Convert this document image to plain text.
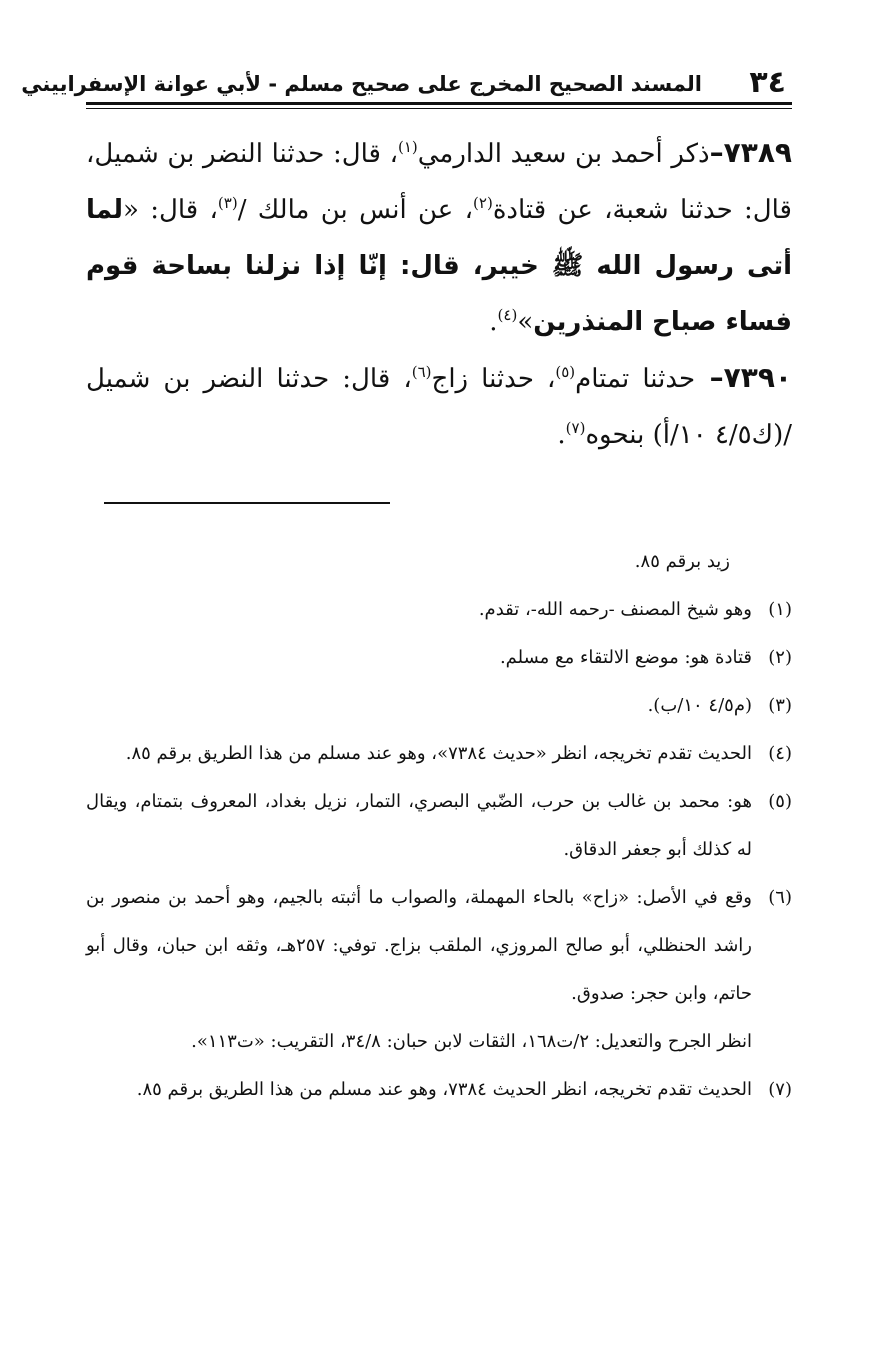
٣٤
المسند الصحيح المخرج على صحيح مسلم - لأبي عوانة الإسفراييني

٧٣٨٩–ذكر أحمد بن سعيد الدارمي$^{(١)}$، قال: حدثنا النضر بن شميل، قال: حدثنا شعبة، عن قتادة$^{(٢)}$، عن أنس بن مالك /$^{(٣)}$، قال: «لما أتى رسول الله ﷺ خيبر، قال: إنّا إذا نزلنا بساحة قوم فساء صباح المنذرين»$^{(٤)}$.

٧٣٩٠– حدثنا تمتام$^{(٥)}$، حدثنا زاج$^{(٦)}$، قال: حدثنا النضر بن شميل /(ك٤/٥ ١٠/أ) بنحوه$^{(٧)}$.

زيد برقم ٨٥.
(١)
وهو شيخ المصنف -رحمه الله-، تقدم.
(٢)
قتادة هو: موضع الالتقاء مع مسلم.
(٣)
(م٤/٥ ١٠/ب).
(٤)
الحديث تقدم تخريجه، انظر «حديث ٧٣٨٤»، وهو عند مسلم من هذا الطريق برقم ٨٥.
(٥)
هو: محمد بن غالب بن حرب، الضّبي البصري، التمار، نزيل بغداد، المعروف بتمتام، ويقال له كذلك أبو جعفر الدقاق.
(٦)
وقع في الأصل: «زاح» بالحاء المهملة، والصواب ما أثبته بالجيم، وهو أحمد بن منصور بن راشد الحنظلي، أبو صالح المروزي، الملقب بزاج. توفي: ٢٥٧هـ، وثقه ابن حبان، وقال أبو حاتم، وابن حجر: صدوق.
انظر الجرح والتعديل: ٢/ت١٦٨، الثقات لابن حبان: ٣٤/٨، التقريب: «ت١١٣».
(٧)
الحديث تقدم تخريجه، انظر الحديث ٧٣٨٤، وهو عند مسلم من هذا الطريق برقم ٨٥.
